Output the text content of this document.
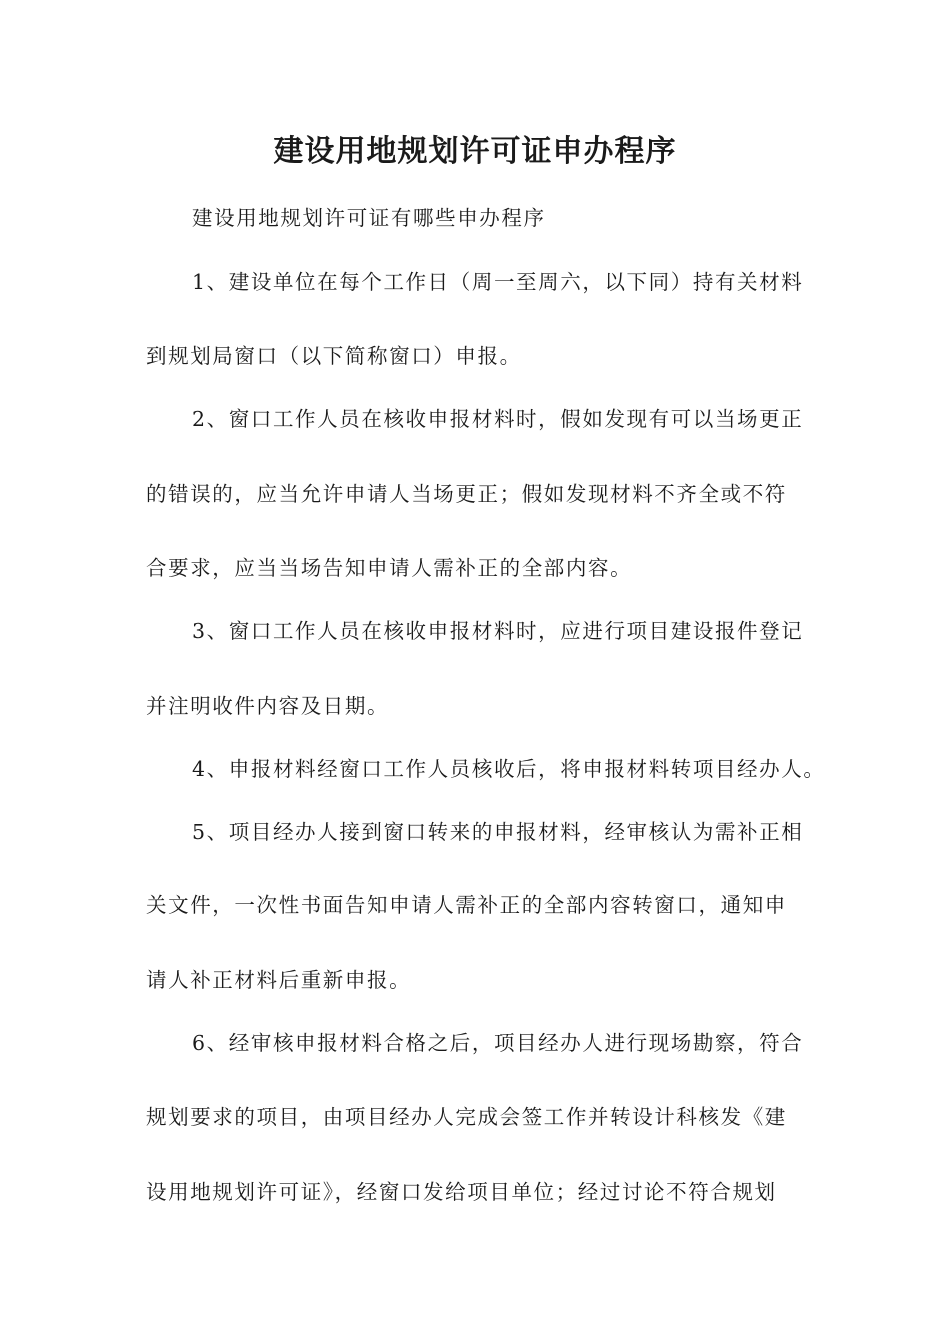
建设用地规划许可证申办程序
建设用地规划许可证有哪些申办程序
1、建设单位在每个工作日（周一至周六，以下同）持有关材料
到规划局窗口（以下简称窗口）申报。
2、窗口工作人员在核收申报材料时，假如发现有可以当场更正
的错误的，应当允许申请人当场更正；假如发现材料不齐全或不符
合要求，应当当场告知申请人需补正的全部内容。
3、窗口工作人员在核收申报材料时，应进行项目建设报件登记
并注明收件内容及日期。
4、申报材料经窗口工作人员核收后，将申报材料转项目经办人。
5、项目经办人接到窗口转来的申报材料，经审核认为需补正相
关文件，一次性书面告知申请人需补正的全部内容转窗口，通知申
请人补正材料后重新申报。
6、经审核申报材料合格之后，项目经办人进行现场勘察，符合
规划要求的项目，由项目经办人完成会签工作并转设计科核发《建
设用地规划许可证》，经窗口发给项目单位；经过讨论不符合规划
